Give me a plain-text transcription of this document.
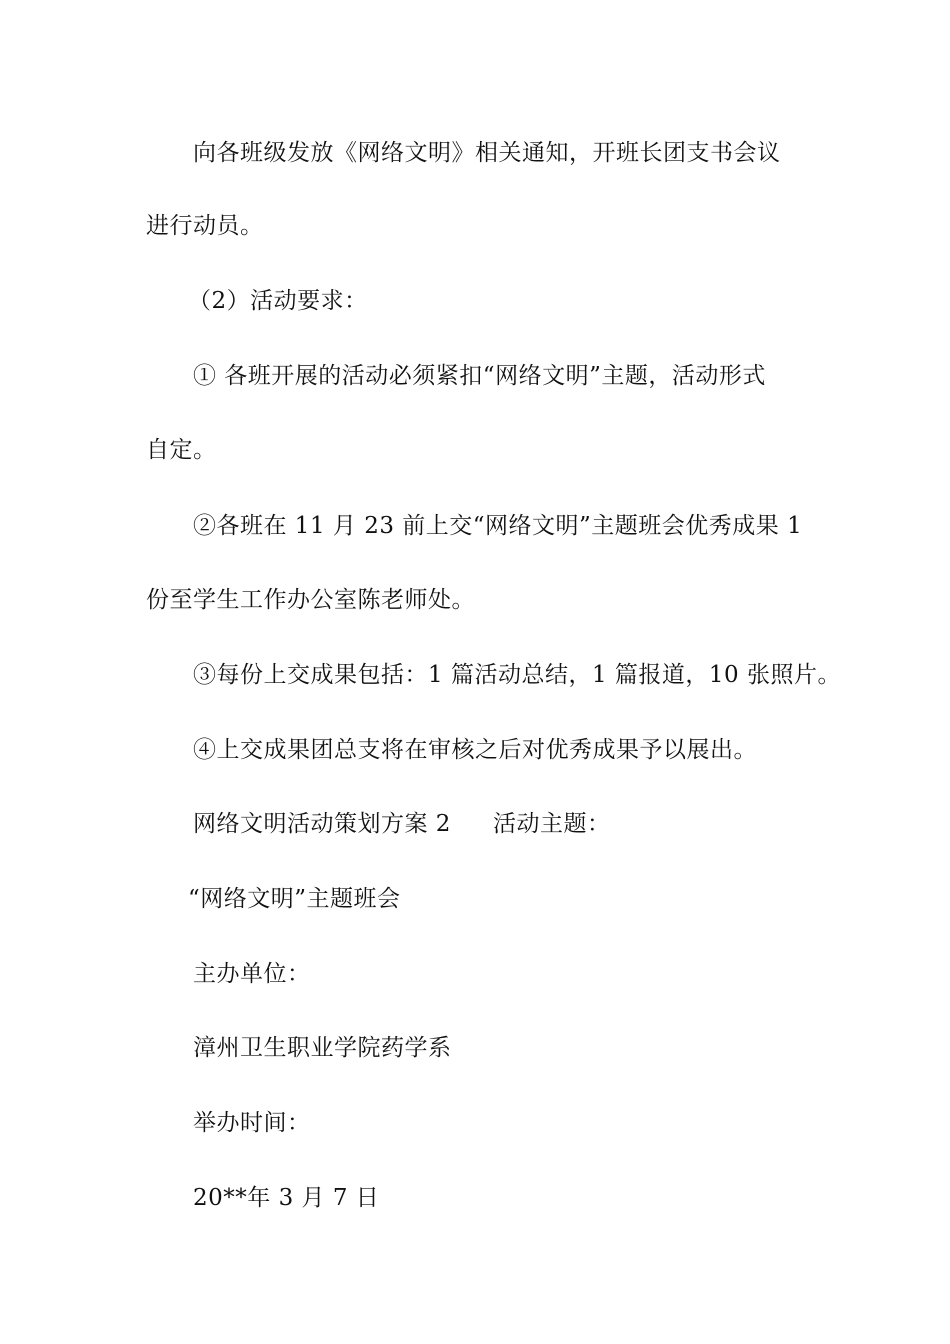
向各班级发放《网络文明》相关通知，开班长团支书会议
进行动员。
（2）活动要求：
① 各班开展的活动必须紧扣“网络文明”主题，活动形式
自定。
②各班在 11 月 23 前上交“网络文明”主题班会优秀成果 1
份至学生工作办公室陈老师处。
③每份上交成果包括：1 篇活动总结，1 篇报道，10 张照片。
④上交成果团总支将在审核之后对优秀成果予以展出。
网络文明活动策划方案 2 活动主题：
“网络文明”主题班会
主办单位：
漳州卫生职业学院药学系
举办时间：
20**年 3 月 7 日
